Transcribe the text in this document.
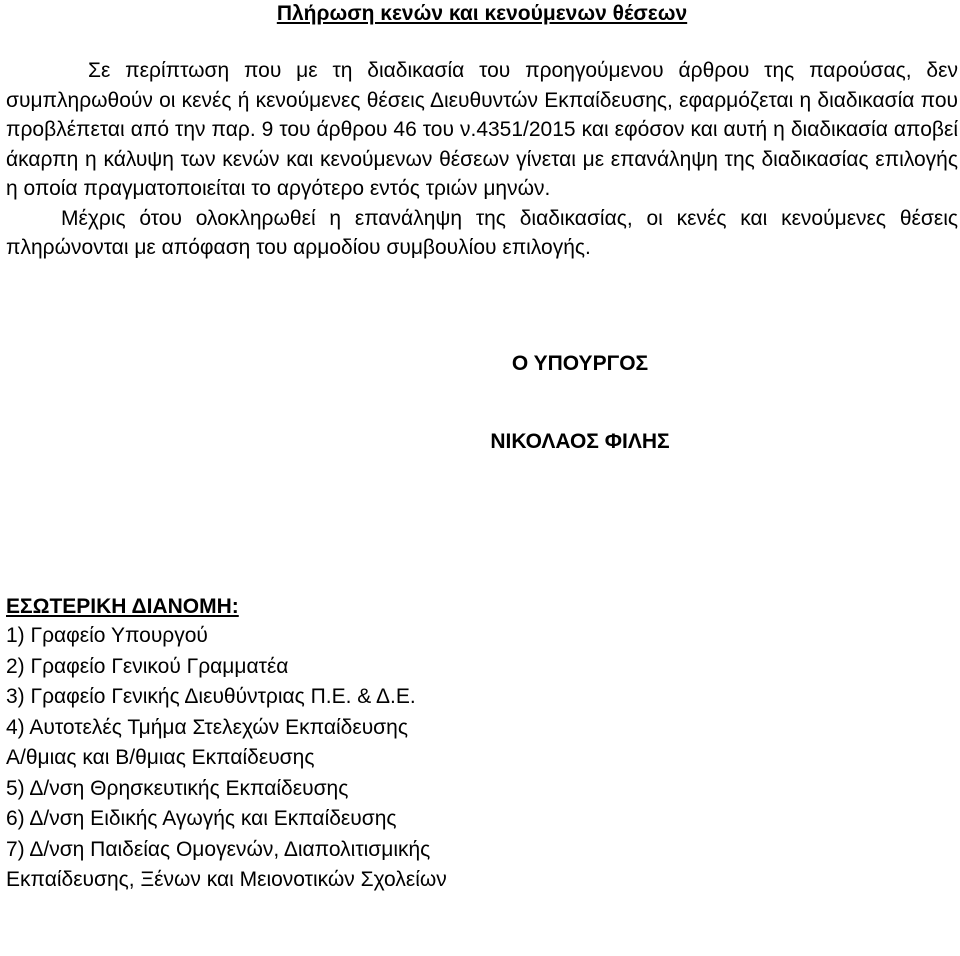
Πλήρωση κενών και κενούμενων θέσεων

Σε περίπτωση που με τη διαδικασία του προηγούμενου άρθρου της παρούσας, δεν συμπληρωθούν οι κενές ή κενούμενες θέσεις Διευθυντών Εκπαίδευσης, εφαρμόζεται η διαδικασία που προβλέπεται από την παρ. 9 του άρθρου 46 του ν.4351/2015 και εφόσον και αυτή η διαδικασία αποβεί άκαρπη η κάλυψη των κενών και κενούμενων θέσεων γίνεται με επανάληψη της διαδικασίας επιλογής η οποία πραγματοποιείται το αργότερο εντός τριών μηνών.

Μέχρις ότου ολοκληρωθεί η επανάληψη της διαδικασίας, οι κενές και κενούμενες θέσεις πληρώνονται με απόφαση του αρμοδίου συμβουλίου επιλογής.

Ο ΥΠΟΥΡΓΟΣ

ΝΙΚΟΛΑΟΣ ΦΙΛΗΣ

ΕΣΩΤΕΡΙΚΗ ΔΙΑΝΟΜΗ:

1) Γραφείο Υπουργού
2) Γραφείο Γενικού Γραμματέα
3) Γραφείο Γενικής Διευθύντριας Π.Ε. & Δ.Ε.
4) Αυτοτελές Τμήμα Στελεχών Εκπαίδευσης
Α/θμιας και Β/θμιας Εκπαίδευσης
5) Δ/νση Θρησκευτικής Εκπαίδευσης
6) Δ/νση Ειδικής Αγωγής και Εκπαίδευσης
7) Δ/νση Παιδείας Ομογενών, Διαπολιτισμικής
Εκπαίδευσης, Ξένων και Μειονοτικών Σχολείων
